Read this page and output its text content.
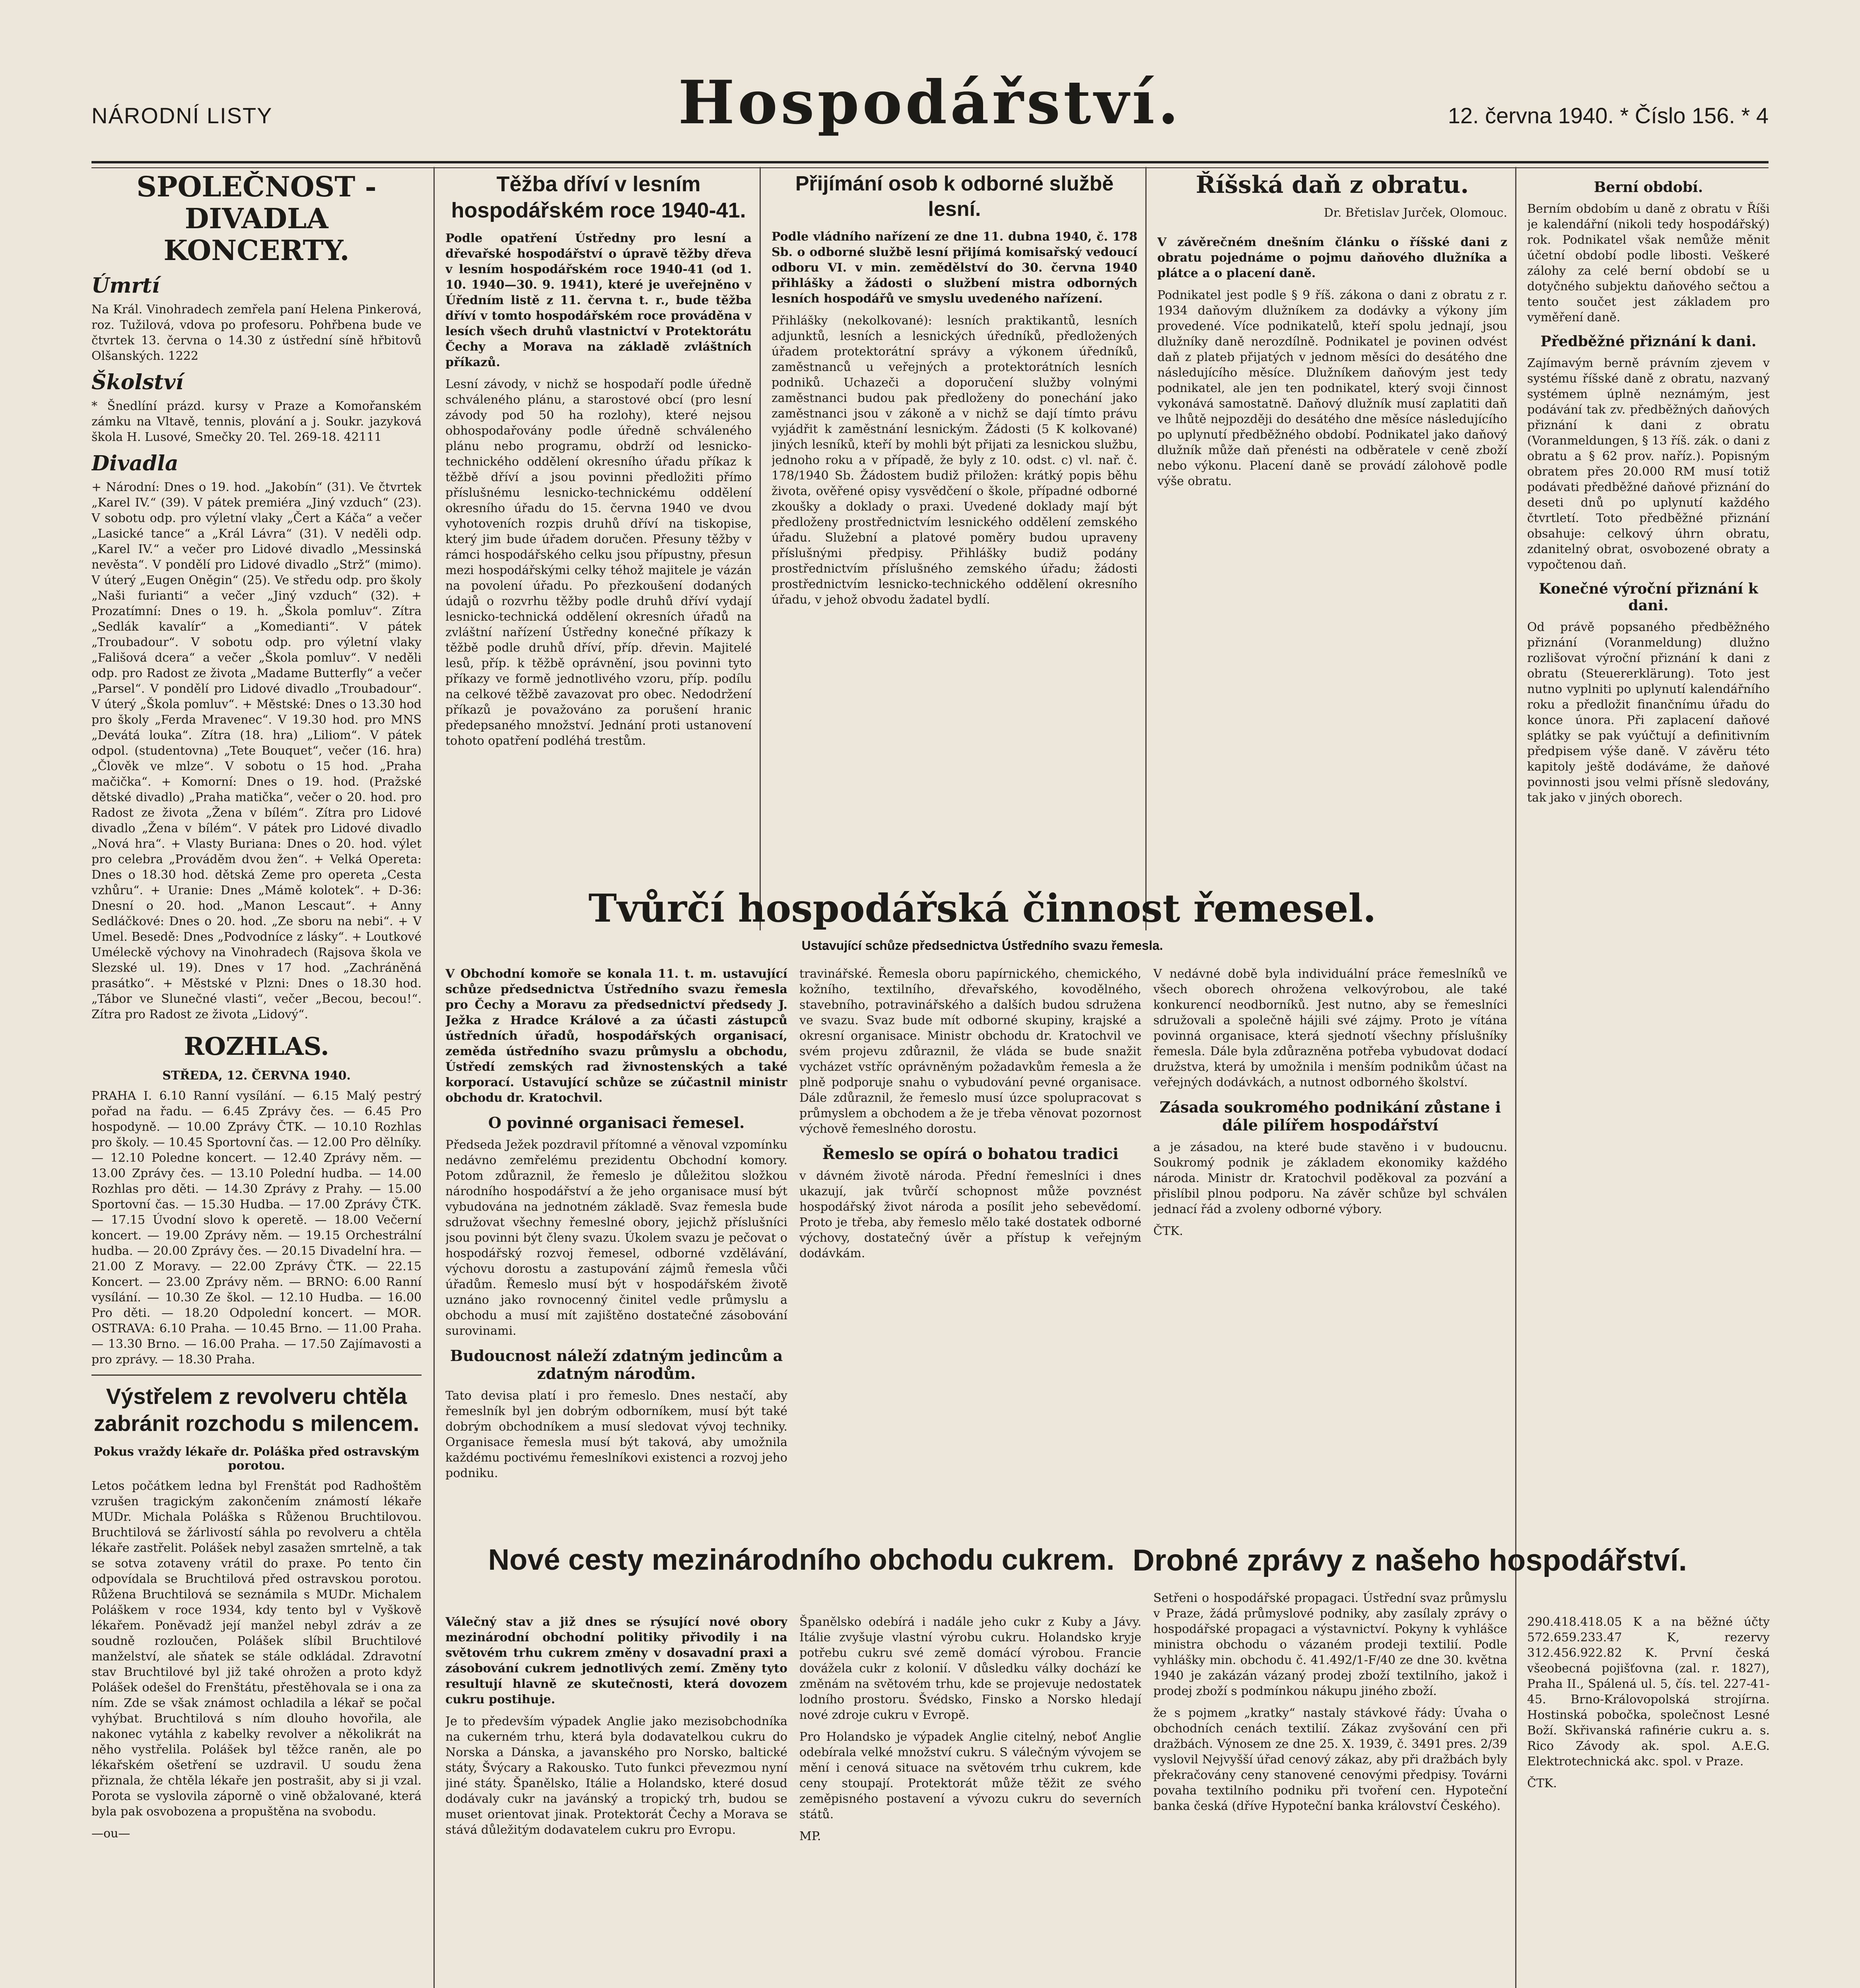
NÁRODNÍ LISTY	Hospodářství.	12. června 1940. * Číslo 156. * 4
SPOLEČNOST - DIVADLA KONCERTY.
Úmrtí

Na Král. Vinohradech zemřela paní Helena Pinkerová, roz. Tužilová, vdova po profesoru. Pohřbena bude ve čtvrtek 13. června o 14.30 z ústřední síně hřbitovů Olšanských. 1222

Školství

* Šnedlíní prázd. kursy v Praze a Komořanském zámku na Vltavě, tennis, plování a j. Soukr. jazyková škola H. Lusové, Smečky 20. Tel. 269-18. 42111

Divadla

+ Národní: Dnes o 19. hod. „Jakobín“ (31). Ve čtvrtek „Karel IV.“ (39). V pátek premiéra „Jiný vzduch“ (23). V sobotu odp. pro výletní vlaky „Čert a Káča“ a večer „Lasické tance“ a „Král Lávra“ (31). V neděli odp. „Karel IV.“ a večer pro Lidové divadlo „Messinská nevěsta“. V pondělí pro Lidové divadlo „Strž“ (mimo). V úterý „Eugen Oněgin“ (25). Ve středu odp. pro školy „Naši furianti“ a večer „Jiný vzduch“ (32). + Prozatímní: Dnes o 19. h. „Škola pomluv“. Zítra „Sedlák kavalír“ a „Komedianti“. V pátek „Troubadour“. V sobotu odp. pro výletní vlaky „Fališová dcera“ a večer „Škola pomluv“. V neděli odp. pro Radost ze života „Madame Butterfly“ a večer „Parsel“. V pondělí pro Lidové divadlo „Troubadour“. V úterý „Škola pomluv“. + Městské: Dnes o 13.30 hod pro školy „Ferda Mravenec“. V 19.30 hod. pro MNS „Devátá louka“. Zítra (18. hra) „Liliom“. V pátek odpol. (studentovna) „Tete Bouquet“, večer (16. hra) „Člověk ve mlze“. V sobotu o 15 hod. „Praha mačička“. + Komorní: Dnes o 19. hod. (Pražské dětské divadlo) „Praha matička“, večer o 20. hod. pro Radost ze života „Žena v bílém“. Zítra pro Lidové divadlo „Žena v bílém“. V pátek pro Lidové divadlo „Nová hra“. + Vlasty Buriana: Dnes o 20. hod. výlet pro celebra „Prováděm dvou žen“. + Velká Opereta: Dnes o 18.30 hod. dětská Zeme pro opereta „Cesta vzhůru“. + Uranie: Dnes „Mámě kolotek“. + D-36: Dnesní o 20. hod. „Manon Lescaut“. + Anny Sedláčkové: Dnes o 20. hod. „Ze sboru na nebi“. + V Umel. Besedě: Dnes „Podvodníce z lásky“. + Loutkové Uméleckě výchovy na Vinohradech (Rajsova škola ve Slezské ul. 19). Dnes v 17 hod. „Zachráněná prasátko“. + Městské v Plzni: Dnes o 18.30 hod. „Tábor ve Slunečné vlasti“, večer „Becou, becou!“. Zítra pro Radost ze života „Lidový“.

ROZHLAS.
STŘEDA, 12. ČERVNA 1940.

PRAHA I. 6.10 Ranní vysílání. — 6.15 Malý pestrý pořad na řadu. — 6.45 Zprávy čes. — 6.45 Pro hospodyně. — 10.00 Zprávy ČTK. — 10.10 Rozhlas pro školy. — 10.45 Sportovní čas. — 12.00 Pro dělníky. — 12.10 Poledne koncert. — 12.40 Zprávy něm. — 13.00 Zprávy čes. — 13.10 Polední hudba. — 14.00 Rozhlas pro děti. — 14.30 Zprávy z Prahy. — 15.00 Sportovní čas. — 15.30 Hudba. — 17.00 Zprávy ČTK. — 17.15 Úvodní slovo k operetě. — 18.00 Večerní koncert. — 19.00 Zprávy něm. — 19.15 Orchestrální hudba. — 20.00 Zprávy čes. — 20.15 Divadelní hra. — 21.00 Z Moravy. — 22.00 Zprávy ČTK. — 22.15 Koncert. — 23.00 Zprávy něm. — BRNO: 6.00 Ranní vysílání. — 10.30 Ze škol. — 12.10 Hudba. — 16.00 Pro děti. — 18.20 Odpolední koncert. — MOR. OSTRAVA: 6.10 Praha. — 10.45 Brno. — 11.00 Praha. — 13.30 Brno. — 16.00 Praha. — 17.50 Zajímavosti a pro zprávy. — 18.30 Praha.

Výstřelem z revolveru chtěla zabránit rozchodu s milencem.
Pokus vraždy lékaře dr. Poláška před ostravským porotou.

Letos počátkem ledna byl Frenštát pod Radhoštěm vzrušen tragickým zakončením známostí lékaře MUDr. Michala Poláška s Růženou Bruchtilovou. Bruchtilová se žárlivostí sáhla po revolveru a chtěla lékaře zastřelit. Polášek nebyl zasažen smrtelně, a tak se sotva zotaveny vrátil do praxe. Po tento čin odpovídala se Bruchtilová před ostravskou porotou. Růžena Bruchtilová se seznámila s MUDr. Michalem Poláškem v roce 1934, kdy tento byl v Vyškově lékařem. Poněvadž její manžel nebyl zdráv a ze soudně rozloučen, Polášek slíbil Bruchtilové manželství, ale sňatek se stále odkládal. Zdravotní stav Bruchtilové byl již také ohrožen a proto když Polášek odešel do Frenštátu, přestěhovala se i ona za ním. Zde se však známost ochladila a lékař se počal vyhýbat. Bruchtilová s ním dlouho hovořila, ale nakonec vytáhla z kabelky revolver a několikrát na něho vystřelila. Polášek byl těžce raněn, ale po lékařském ošetření se uzdravil. U soudu žena přiznala, že chtěla lékaře jen postrašit, aby si ji vzal. Porota se vyslovila záporně o vině obžalované, která byla pak osvobozena a propuštěna na svobodu.

—ou—

Těžba dříví v lesním hospodářském roce 1940-41.

Podle opatření Ústředny pro lesní a dřevařské hospodářství o úpravě těžby dřeva v lesním hospodářském roce 1940-41 (od 1. 10. 1940—30. 9. 1941), které je uveřejněno v Úředním listě z 11. června t. r., bude těžba dříví v tomto hospodářském roce prováděna v lesích všech druhů vlastnictví v Protektorátu Čechy a Morava na základě zvláštních příkazů.

Lesní závody, v nichž se hospodaří podle úředně schváleného plánu, a starostové obcí (pro lesní závody pod 50 ha rozlohy), které nejsou obhospodařovány podle úředně schváleného plánu nebo programu, obdrží od lesnicko-technického oddělení okresního úřadu příkaz k těžbě dříví a jsou povinni předložiti přímo příslušnému lesnicko-technickému oddělení okresního úřadu do 15. června 1940 ve dvou vyhotoveních rozpis druhů dříví na tiskopise, který jim bude úřadem doručen. Přesuny těžby v rámci hospodářského celku jsou přípustny, přesun mezi hospodářskými celky téhož majitele je vázán na povolení úřadu. Po přezkoušení dodaných údajů o rozvrhu těžby podle druhů dříví vydají lesnicko-technická oddělení okresních úřadů na zvláštní nařízení Ústředny konečné příkazy k těžbě podle druhů dříví, příp. dřevin. Majitelé lesů, příp. k těžbě oprávnění, jsou povinni tyto příkazy ve formě jednotlivého vzoru, příp. podílu na celkové těžbě zavazovat pro obec. Nedodržení příkazů je považováno za porušení hranic předepsaného množství. Jednání proti ustanovení tohoto opatření podléhá trestům.

Přijímání osob k odborné službě lesní.

Podle vládního nařízení ze dne 11. dubna 1940, č. 178 Sb. o odborné službě lesní přijímá komisařský vedoucí odboru VI. v min. zemědělství do 30. června 1940 přihlášky a žádosti o službení mistra odborných lesních hospodářů ve smyslu uvedeného nařízení.

Přihlášky (nekolkované): lesních praktikantů, lesních adjunktů, lesních a lesnických úředníků, předložených úřadem protektorátní správy a výkonem úředníků, zaměstnanců u veřejných a protektorátních lesních podniků. Uchazeči a doporučení služby volnými zaměstnanci budou pak předloženy do ponechání jako zaměstnanci jsou v zákoně a v nichž se dají tímto právu vyjádřit k zaměstnání lesnickým. Žádosti (5 K kolkované) jiných lesníků, kteří by mohli být přijati za lesnickou službu, jednoho roku a v případě, že byly z 10. odst. c) vl. nař. č. 178/1940 Sb. Žádostem budiž přiložen: krátký popis běhu života, ověřené opisy vysvědčení o škole, případné odborné zkoušky a doklady o praxi. Uvedené doklady mají být předloženy prostřednictvím lesnického oddělení zemského úřadu. Služební a platové poměry budou upraveny příslušnými předpisy. Přihlášky budiž podány prostřednictvím příslušného zemského úřadu; žádosti prostřednictvím lesnicko-technického oddělení okresního úřadu, v jehož obvodu žadatel bydlí.

Říšská daň z obratu.
Dr. Břetislav Jurček, Olomouc.

V závěrečném dnešním článku o říšské dani z obratu pojednáme o pojmu daňového dlužníka a plátce a o placení daně.

Podnikatel jest podle § 9 říš. zákona o dani z obratu z r. 1934 daňovým dlužníkem za dodávky a výkony jím provedené. Více podnikatelů, kteří spolu jednají, jsou dlužníky daně nerozdílně. Podnikatel je povinen odvést daň z plateb přijatých v jednom měsíci do desátého dne následujícího měsíce. Dlužníkem daňovým jest tedy podnikatel, ale jen ten podnikatel, který svoji činnost vykonává samostatně. Daňový dlužník musí zaplatiti daň ve lhůtě nejpozději do desátého dne měsíce následujícího po uplynutí předběžného období. Podnikatel jako daňový dlužník může daň přenésti na odběratele v ceně zboží nebo výkonu. Placení daně se provádí zálohově podle výše obratu.

Berní období.

Berním obdobím u daně z obratu v Říši je kalendářní (nikoli tedy hospodářský) rok. Podnikatel však nemůže měnit účetní období podle libosti. Veškeré zálohy za celé berní období se u dotyčného subjektu daňového sečtou a tento součet jest základem pro vyměření daně.

Předběžné přiznání k dani.

Zajímavým berně právním zjevem v systému říšské daně z obratu, nazvaný systémem úplně neznámým, jest podávání tak zv. předběžných daňových přiznání k dani z obratu (Voranmeldungen, § 13 říš. zák. o dani z obratu a § 62 prov. naříz.). Popisným obratem přes 20.000 RM musí totiž podávati předběžné daňové přiznání do deseti dnů po uplynutí každého čtvrtletí. Toto předběžné přiznání obsahuje: celkový úhrn obratu, zdanitelný obrat, osvobozené obraty a vypočtenou daň.

Konečné výroční přiznání k dani.

Od právě popsaného předběžného přiznání (Voranmeldung) dlužno rozlišovat výroční přiznání k dani z obratu (Steuererklärung). Toto jest nutno vyplniti po uplynutí kalendářního roku a předložit finančnímu úřadu do konce února. Při zaplacení daňové splátky se pak vyúčtují a definitivním předpisem výše daně. V závěru této kapitoly ještě dodáváme, že daňové povinnosti jsou velmi přísně sledovány, tak jako v jiných oborech.

Tvůrčí hospodářská činnost řemesel.
Ustavující schůze předsednictva Ústředního svazu řemesla.

V Obchodní komoře se konala 11. t. m. ustavující schůze předsednictva Ústředního svazu řemesla pro Čechy a Moravu za předsednictví předsedy J. Ježka z Hradce Králové a za účasti zástupců ústředních úřadů, hospodářských organisací, zeměda ústředního svazu průmyslu a obchodu, Ústředí zemských rad živnostenských a také korporací. Ustavující schůze se zúčastnil ministr obchodu dr. Kratochvil.

O povinné organisaci řemesel.

Předseda Ježek pozdravil přítomné a věnoval vzpomínku nedávno zemřelému prezidentu Obchodní komory. Potom zdůraznil, že řemeslo je důležitou složkou národního hospodářství a že jeho organisace musí být vybudována na jednotném základě. Svaz řemesla bude sdružovat všechny řemeslné obory, jejichž příslušníci jsou povinni být členy svazu. Úkolem svazu je pečovat o hospodářský rozvoj řemesel, odborné vzdělávání, výchovu dorostu a zastupování zájmů řemesla vůči úřadům. Řemeslo musí být v hospodářském životě uznáno jako rovnocenný činitel vedle průmyslu a obchodu a musí mít zajištěno dostatečné zásobování surovinami.

Budoucnost náleží zdatným jedincům a zdatným národům.

Tato devisa platí i pro řemeslo. Dnes nestačí, aby řemeslník byl jen dobrým odborníkem, musí být také dobrým obchodníkem a musí sledovat vývoj techniky. Organisace řemesla musí být taková, aby umožnila každému poctivému řemeslníkovi existenci a rozvoj jeho podniku.

travinářské. Řemesla oboru papírnického, chemického, kožního, textilního, dřevařského, kovodělného, stavebního, potravinářského a dalších budou sdružena ve svazu. Svaz bude mít odborné skupiny, krajské a okresní organisace. Ministr obchodu dr. Kratochvil ve svém projevu zdůraznil, že vláda se bude snažit vycházet vstříc oprávněným požadavkům řemesla a že plně podporuje snahu o vybudování pevné organisace. Dále zdůraznil, že řemeslo musí úzce spolupracovat s průmyslem a obchodem a že je třeba věnovat pozornost výchově řemeslného dorostu.

Řemeslo se opírá o bohatou tradici

v dávném životě národa. Přední řemeslníci i dnes ukazují, jak tvůrčí schopnost může povznést hospodářský život národa a posílit jeho sebevědomí. Proto je třeba, aby řemeslo mělo také dostatek odborné výchovy, dostatečný úvěr a přístup k veřejným dodávkám.

V nedávné době byla individuální práce řemeslníků ve všech oborech ohrožena velkovýrobou, ale také konkurencí neodborníků. Jest nutno, aby se řemeslníci sdružovali a společně hájili své zájmy. Proto je vítána povinná organisace, která sjednotí všechny příslušníky řemesla. Dále byla zdůrazněna potřeba vybudovat dodací družstva, která by umožnila i menším podnikům účast na veřejných dodávkách, a nutnost odborného školství.

Zásada soukromého podnikání zůstane i dále pilířem hospodářství

a je zásadou, na které bude stavěno i v budoucnu. Soukromý podnik je základem ekonomiky každého národa. Ministr dr. Kratochvil poděkoval za pozvání a přislíbil plnou podporu. Na závěr schůze byl schválen jednací řád a zvoleny odborné výbory.

ČTK.

Nové cesty mezinárodního obchodu cukrem.

Válečný stav a již dnes se rýsující nové obory mezinárodní obchodní politiky přivodily i na světovém trhu cukrem změny v dosavadní praxi a zásobování cukrem jednotlivých zemí. Změny tyto resultují hlavně ze skutečnosti, která dovozem cukru postihuje.

Je to především výpadek Anglie jako mezisobchodníka na cukerném trhu, která byla dodavatelkou cukru do Norska a Dánska, a javanského pro Norsko, baltické státy, Švýcary a Rakousko. Tuto funkci převezmou nyní jiné státy. Španělsko, Itálie a Holandsko, které dosud dodávaly cukr na javánský a tropický trh, budou se muset orientovat jinak. Protektorát Čechy a Morava se stává důležitým dodavatelem cukru pro Evropu.

Španělsko odebírá i nadále jeho cukr z Kuby a Jávy. Itálie zvyšuje vlastní výrobu cukru. Holandsko kryje potřebu cukru své země domácí výrobou. Francie dovážela cukr z kolonií. V důsledku války dochází ke změnám na světovém trhu, kde se projevuje nedostatek lodního prostoru. Švédsko, Finsko a Norsko hledají nové zdroje cukru v Evropě.

Pro Holandsko je výpadek Anglie citelný, neboť Anglie odebírala velké množství cukru. S válečným vývojem se mění i cenová situace na světovém trhu cukrem, kde ceny stoupají. Protektorát může těžit ze svého zeměpisného postavení a vývozu cukru do severních států.

MP.

Drobné zprávy z našeho hospodářství.

Setřeni o hospodářské propagaci. Ústřední svaz průmyslu v Praze, žádá průmyslové podniky, aby zasílaly zprávy o hospodářské propagaci a výstavnictví. Pokyny k vyhlášce ministra obchodu o vázaném prodeji textilií. Podle vyhlášky min. obchodu č. 41.492/1-F/40 ze dne 30. května 1940 je zakázán vázaný prodej zboží textilního, jakož i prodej zboží s podmínkou nákupu jiného zboží.

že s pojmem „kratky“ nastaly stávkové řády: Úvaha o obchodních cenách textilií. Zákaz zvyšování cen při dražbách. Výnosem ze dne 25. X. 1939, č. 3491 pres. 2/39 vyslovil Nejvyšší úřad cenový zákaz, aby při dražbách byly překračovány ceny stanovené cenovými předpisy. Továrni povaha textilního podniku při tvoření cen. Hypoteční banka česká (dříve Hypoteční banka království Českého).

290.418.418.05 K a na běžné účty 572.659.233.47 K, rezervy 312.456.922.82 K. První česká všeobecná pojišťovna (zal. r. 1827), Praha II., Spálená ul. 5, čís. tel. 227-41-45. Brno-Královopolská strojírna. Hostinská pobočka, společnost Lesné Boží. Skřivanská rafinérie cukru a. s. Rico Závody ak. spol. A.E.G. Elektrotechnická akc. spol. v Praze.

ČTK.
